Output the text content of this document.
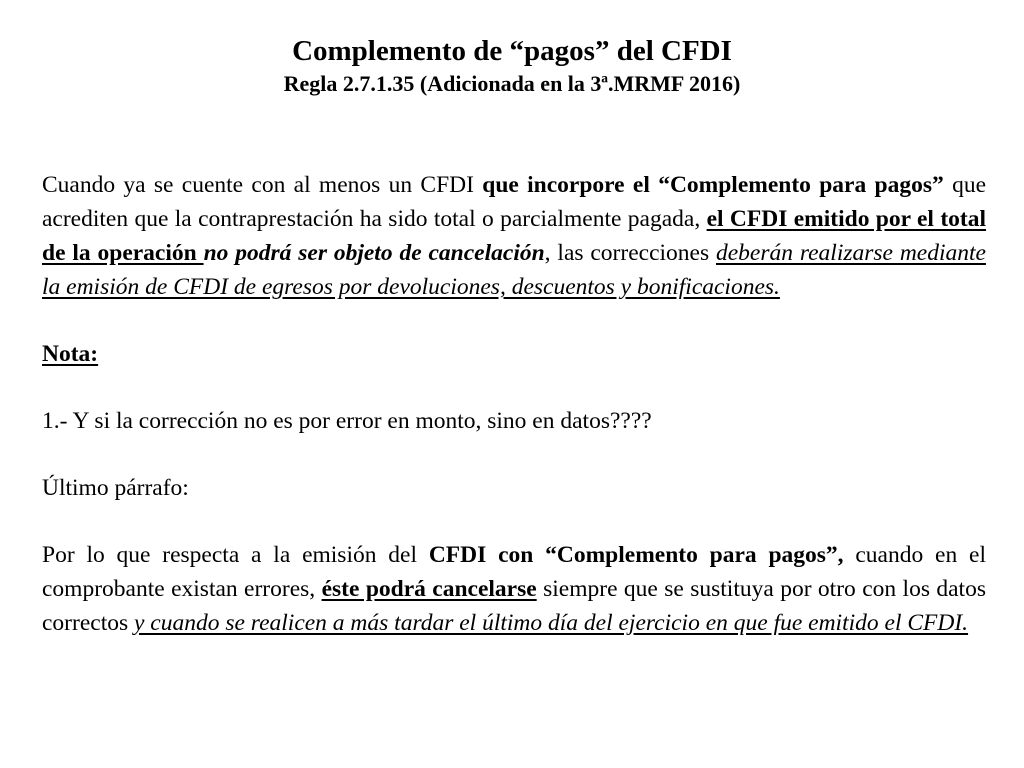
Complemento de “pagos” del CFDI
Regla 2.7.1.35 (Adicionada en la 3ª.MRMF 2016)

Cuando ya se cuente con al menos un CFDI que incorpore el “Complemento para pagos” que acrediten que la contraprestación ha sido total o parcialmente pagada, el CFDI emitido por el total de la operación no podrá ser objeto de cancelación, las correcciones deberán realizarse mediante la emisión de CFDI de egresos por devoluciones, descuentos y bonificaciones.

Nota:

1.- Y si la corrección no es por error en monto, sino en datos????

Último párrafo:

Por lo que respecta a la emisión del CFDI con “Complemento para pagos”, cuando en el comprobante existan errores, éste podrá cancelarse siempre que se sustituya por otro con los datos correctos y cuando se realicen a más tardar el último día del ejercicio en que fue emitido el CFDI.
